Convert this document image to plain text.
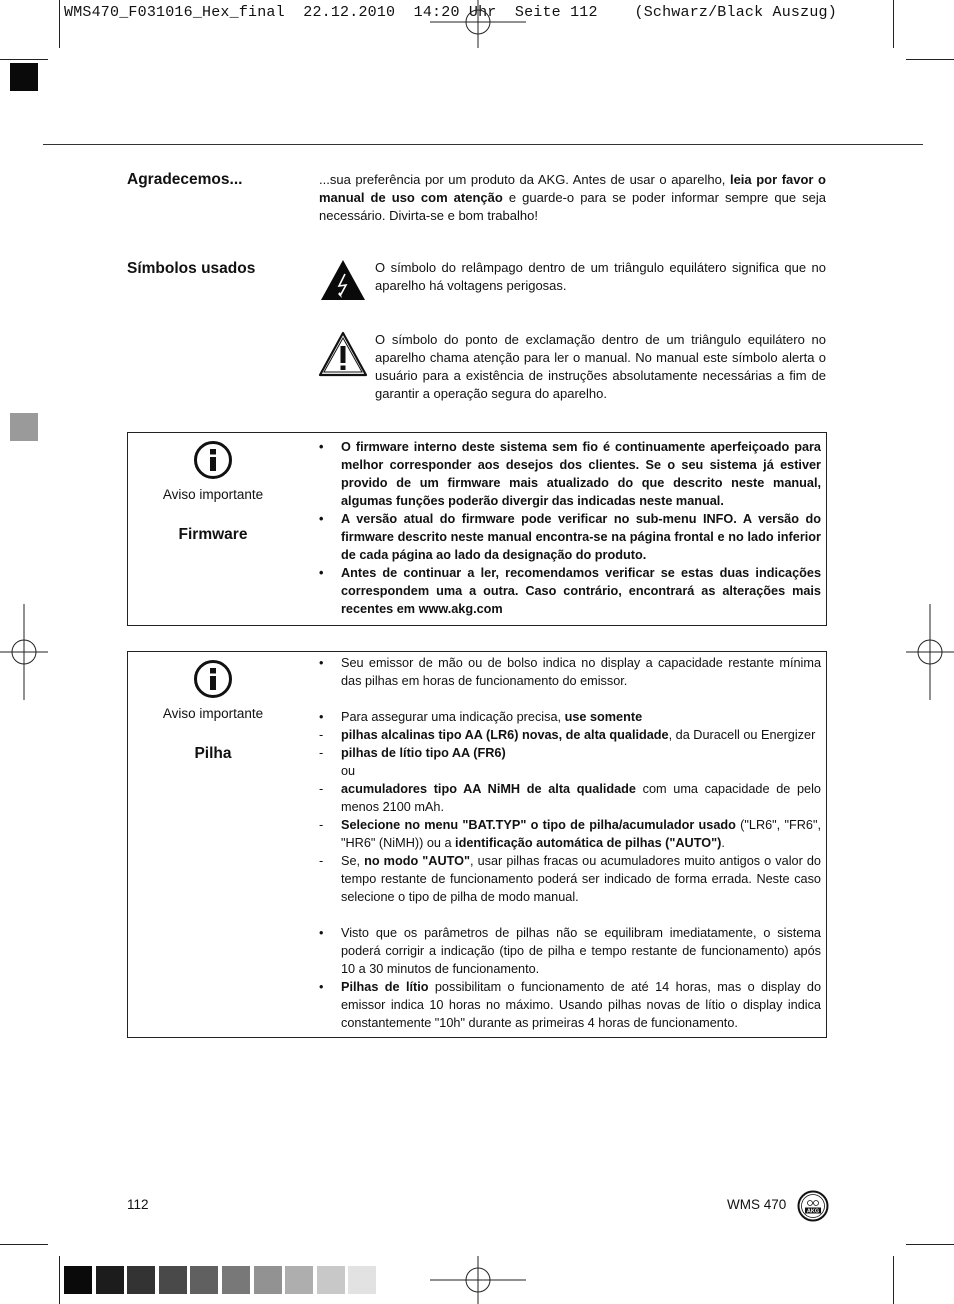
WMS470_F031016_Hex_final  22.12.2010  14:20 Uhr  Seite 112    (Schwarz/Black Auszug)
Agradecemos...	...sua preferência por um produto da AKG. Antes de usar o aparelho, leia por favor o manual de uso com atenção e guarde-o para se poder informar sempre que seja necessário. Divirta-se e bom trabalho!
Símbolos usados	O símbolo do relâmpago dentro de um triângulo equilátero significa que no aparelho há voltagens perigosas.
O símbolo do ponto de exclamação dentro de um triângulo equilátero no aparelho chama atenção para ler o manual. No manual este símbolo alerta o usuário para a existência de instruções absolutamente necessárias a fim de garantir a operação segura do aparelho.
Aviso importante
Firmware
•	O firmware interno deste sistema sem fio é continuamente aperfeiçoado para melhor corresponder aos desejos dos clientes. Se o seu sistema já estiver provido de um firmware mais atualizado do que descrito neste manual, algumas funções poderão divergir das indicadas neste manual.
•	A versão atual do firmware pode verificar no sub-menu INFO. A versão do firmware descrito neste manual encontra-se na página frontal e no lado inferior de cada página ao lado da designação do produto.
•	Antes de continuar a ler, recomendamos verificar se estas duas indicações correspondem uma a outra. Caso contrário, encontrará as alterações mais recentes em www.akg.com
Aviso importante
Pilha
•	Seu emissor de mão ou de bolso indica no display a capacidade restante mínima das pilhas em horas de funcionamento do emissor.
•	Para assegurar uma indicação precisa, use somente
-	pilhas alcalinas tipo AA (LR6) novas, de alta qualidade, da Duracell ou Energizer
-	pilhas de lítio tipo AA (FR6)
ou
-	acumuladores tipo AA NiMH de alta qualidade com uma capacidade de pelo menos 2100 mAh.
-	Selecione no menu "BAT.TYP" o tipo de pilha/acumulador usado ("LR6", "FR6", "HR6" (NiMH)) ou a identificação automática de pilhas ("AUTO").
-	Se, no modo "AUTO", usar pilhas fracas ou acumuladores muito antigos o valor do tempo restante de funcionamento poderá ser indicado de forma errada. Neste caso selecione o tipo de pilha de modo manual.
•	Visto que os parâmetros de pilhas não se equilibram imediatamente, o sistema poderá corrigir a indicação (tipo de pilha e tempo restante de funcionamento) após 10 a 30 minutos de funcionamento.
•	Pilhas de lítio possibilitam o funcionamento de até 14 horas, mas o display do emissor indica 10 horas no máximo. Usando pilhas novas de lítio o display indica constantemente "10h" durante as primeiras 4 horas de funcionamento.
112	WMS 470	AKG
